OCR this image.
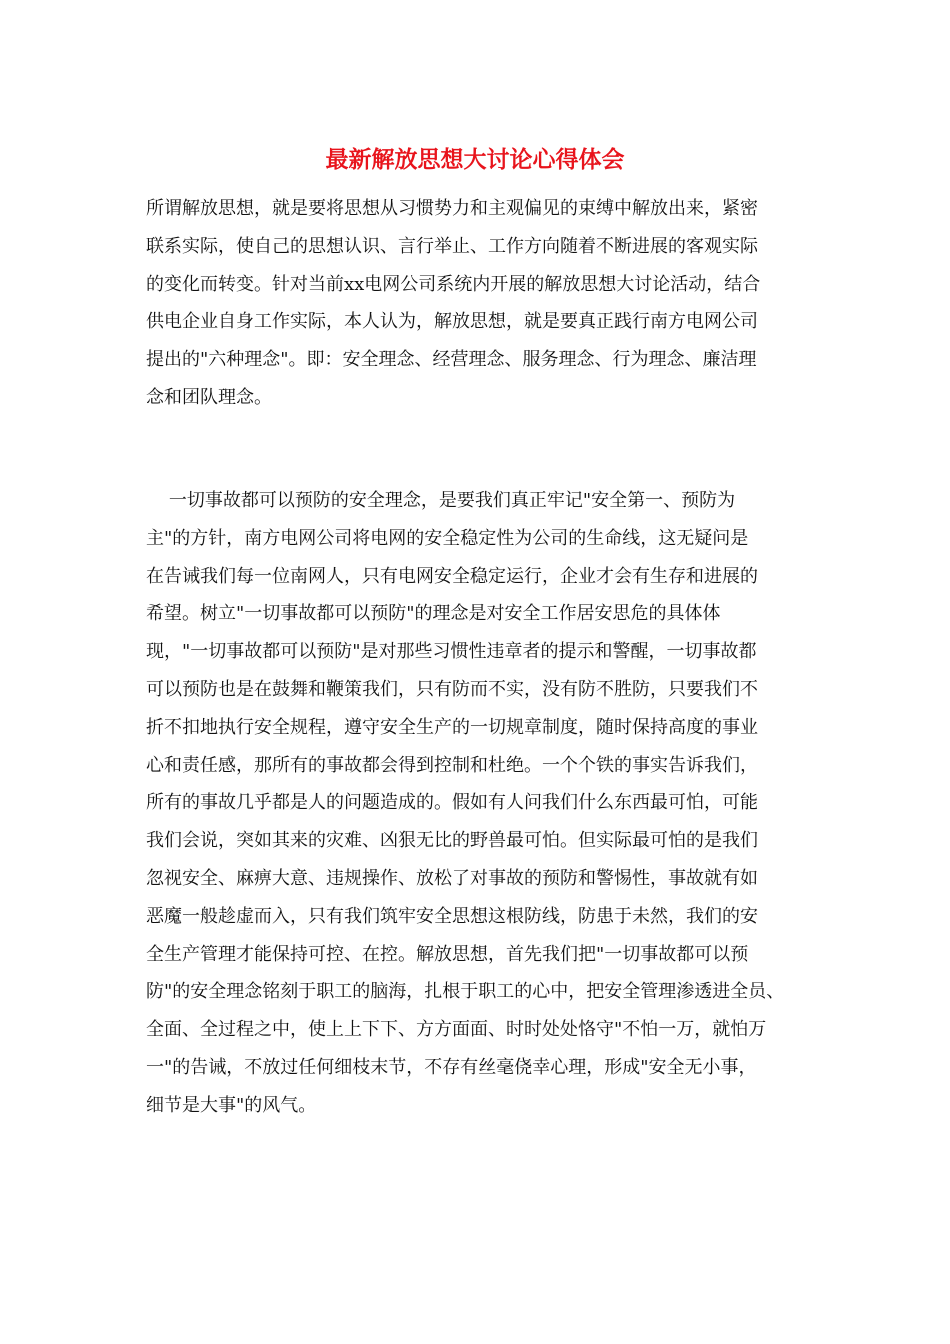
最新解放思想大讨论心得体会
所谓解放思想，就是要将思想从习惯势力和主观偏见的束缚中解放出来，紧密
联系实际，使自己的思想认识、言行举止、工作方向随着不断进展的客观实际
的变化而转变。针对当前xx电网公司系统内开展的解放思想大讨论活动，结合
供电企业自身工作实际，本人认为，解放思想，就是要真正践行南方电网公司
提出的"六种理念"。即：安全理念、经营理念、服务理念、行为理念、廉洁理
念和团队理念。
一切事故都可以预防的安全理念，是要我们真正牢记"安全第一、预防为
主"的方针，南方电网公司将电网的安全稳定性为公司的生命线，这无疑问是
在告诫我们每一位南网人，只有电网安全稳定运行，企业才会有生存和进展的
希望。树立"一切事故都可以预防"的理念是对安全工作居安思危的具体体
现，"一切事故都可以预防"是对那些习惯性违章者的提示和警醒，一切事故都
可以预防也是在鼓舞和鞭策我们，只有防而不实，没有防不胜防，只要我们不
折不扣地执行安全规程，遵守安全生产的一切规章制度，随时保持高度的事业
心和责任感，那所有的事故都会得到控制和杜绝。一个个铁的事实告诉我们，
所有的事故几乎都是人的问题造成的。假如有人问我们什么东西最可怕，可能
我们会说，突如其来的灾难、凶狠无比的野兽最可怕。但实际最可怕的是我们
忽视安全、麻痹大意、违规操作、放松了对事故的预防和警惕性，事故就有如
恶魔一般趁虚而入，只有我们筑牢安全思想这根防线，防患于未然，我们的安
全生产管理才能保持可控、在控。解放思想，首先我们把"一切事故都可以预
防"的安全理念铭刻于职工的脑海，扎根于职工的心中，把安全管理渗透进全员、
全面、全过程之中，使上上下下、方方面面、时时处处恪守"不怕一万，就怕万
一"的告诫，不放过任何细枝末节，不存有丝毫侥幸心理，形成"安全无小事，
细节是大事"的风气。
